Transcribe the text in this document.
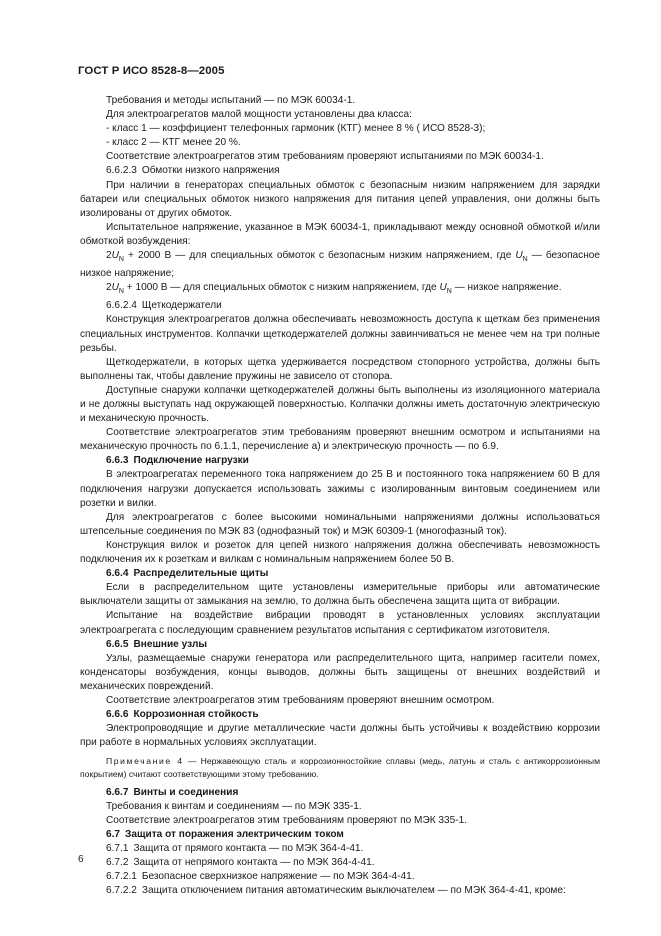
ГОСТ Р ИСО 8528-8—2005

Требования и методы испытаний — по МЭК 60034-1.

Для электроагрегатов малой мощности установлены два класса:

- класс 1 — коэффициент телефонных гармоник (КТГ) менее 8 % ( ИСО 8528-3);

- класс 2 — КТГ менее 20 %.

Соответствие электроагрегатов этим требованиям проверяют испытаниями по МЭК 60034-1.

6.6.2.3 Обмотки низкого напряжения

При наличии в генераторах специальных обмоток с безопасным низким напряжением для зарядки батареи или специальных обмоток низкого напряжения для питания цепей управления, они должны быть изолированы от других обмоток.

Испытательное напряжение, указанное в МЭК 60034-1, прикладывают между основной обмоткой и/или обмоткой возбуждения:

$2U_N + 2000$ В — для специальных обмоток с безопасным низким напряжением, где $U_N$ — безопасное низкое напряжение;

$2U_N + 1000$ В — для специальных обмоток с низким напряжением, где $U_N$ — низкое напряжение.

6.6.2.4 Щеткодержатели

Конструкция электроагрегатов должна обеспечивать невозможность доступа к щеткам без применения специальных инструментов. Колпачки щеткодержателей должны завинчиваться не менее чем на три полные резьбы.

Щеткодержатели, в которых щетка удерживается посредством стопорного устройства, должны быть выполнены так, чтобы давление пружины не зависело от стопора.

Доступные снаружи колпачки щеткодержателей должны быть выполнены из изоляционного материала и не должны выступать над окружающей поверхностью. Колпачки должны иметь достаточную электрическую и механическую прочность.

Соответствие электроагрегатов этим требованиям проверяют внешним осмотром и испытаниями на механическую прочность по 6.1.1, перечисление а) и электрическую прочность — по 6.9.

6.6.3 Подключение нагрузки

В электроагрегатах переменного тока напряжением до 25 В и постоянного тока напряжением 60 В для подключения нагрузки допускается использовать зажимы с изолированным винтовым соединением или розетки и вилки.

Для электроагрегатов с более высокими номинальными напряжениями должны использоваться штепсельные соединения по МЭК 83 (однофазный ток) и МЭК 60309-1 (многофазный ток).

Конструкция вилок и розеток для цепей низкого напряжения должна обеспечивать невозможность подключения их к розеткам и вилкам с номинальным напряжением более 50 В.

6.6.4 Распределительные щиты

Если в распределительном щите установлены измерительные приборы или автоматические выключатели защиты от замыкания на землю, то должна быть обеспечена защита щита от вибрации.

Испытание на воздействие вибрации проводят в установленных условиях эксплуатации электроагрегата с последующим сравнением результатов испытания с сертификатом изготовителя.

6.6.5 Внешние узлы

Узлы, размещаемые снаружи генератора или распределительного щита, например гасители помех, конденсаторы возбуждения, концы выводов, должны быть защищены от внешних воздействий и механических повреждений.

Соответствие электроагрегатов этим требованиям проверяют внешним осмотром.

6.6.6 Коррозионная стойкость

Электропроводящие и другие металлические части должны быть устойчивы к воздействию коррозии при работе в нормальных условиях эксплуатации.

Примечание 4 — Нержавеющую сталь и коррозионностойкие сплавы (медь, латунь и сталь с антикоррозионным покрытием) считают соответствующими этому требованию.

6.6.7 Винты и соединения

Требования к винтам и соединениям — по МЭК 335-1.

Соответствие электроагрегатов этим требованиям проверяют по МЭК 335-1.

6.7 Защита от поражения электрическим током

6.7.1 Защита от прямого контакта — по МЭК 364-4-41.

6.7.2 Защита от непрямого контакта — по МЭК 364-4-41.

6.7.2.1 Безопасное сверхнизкое напряжение — по МЭК 364-4-41.

6.7.2.2 Защита отключением питания автоматическим выключателем — по МЭК 364-4-41, кроме:

6
